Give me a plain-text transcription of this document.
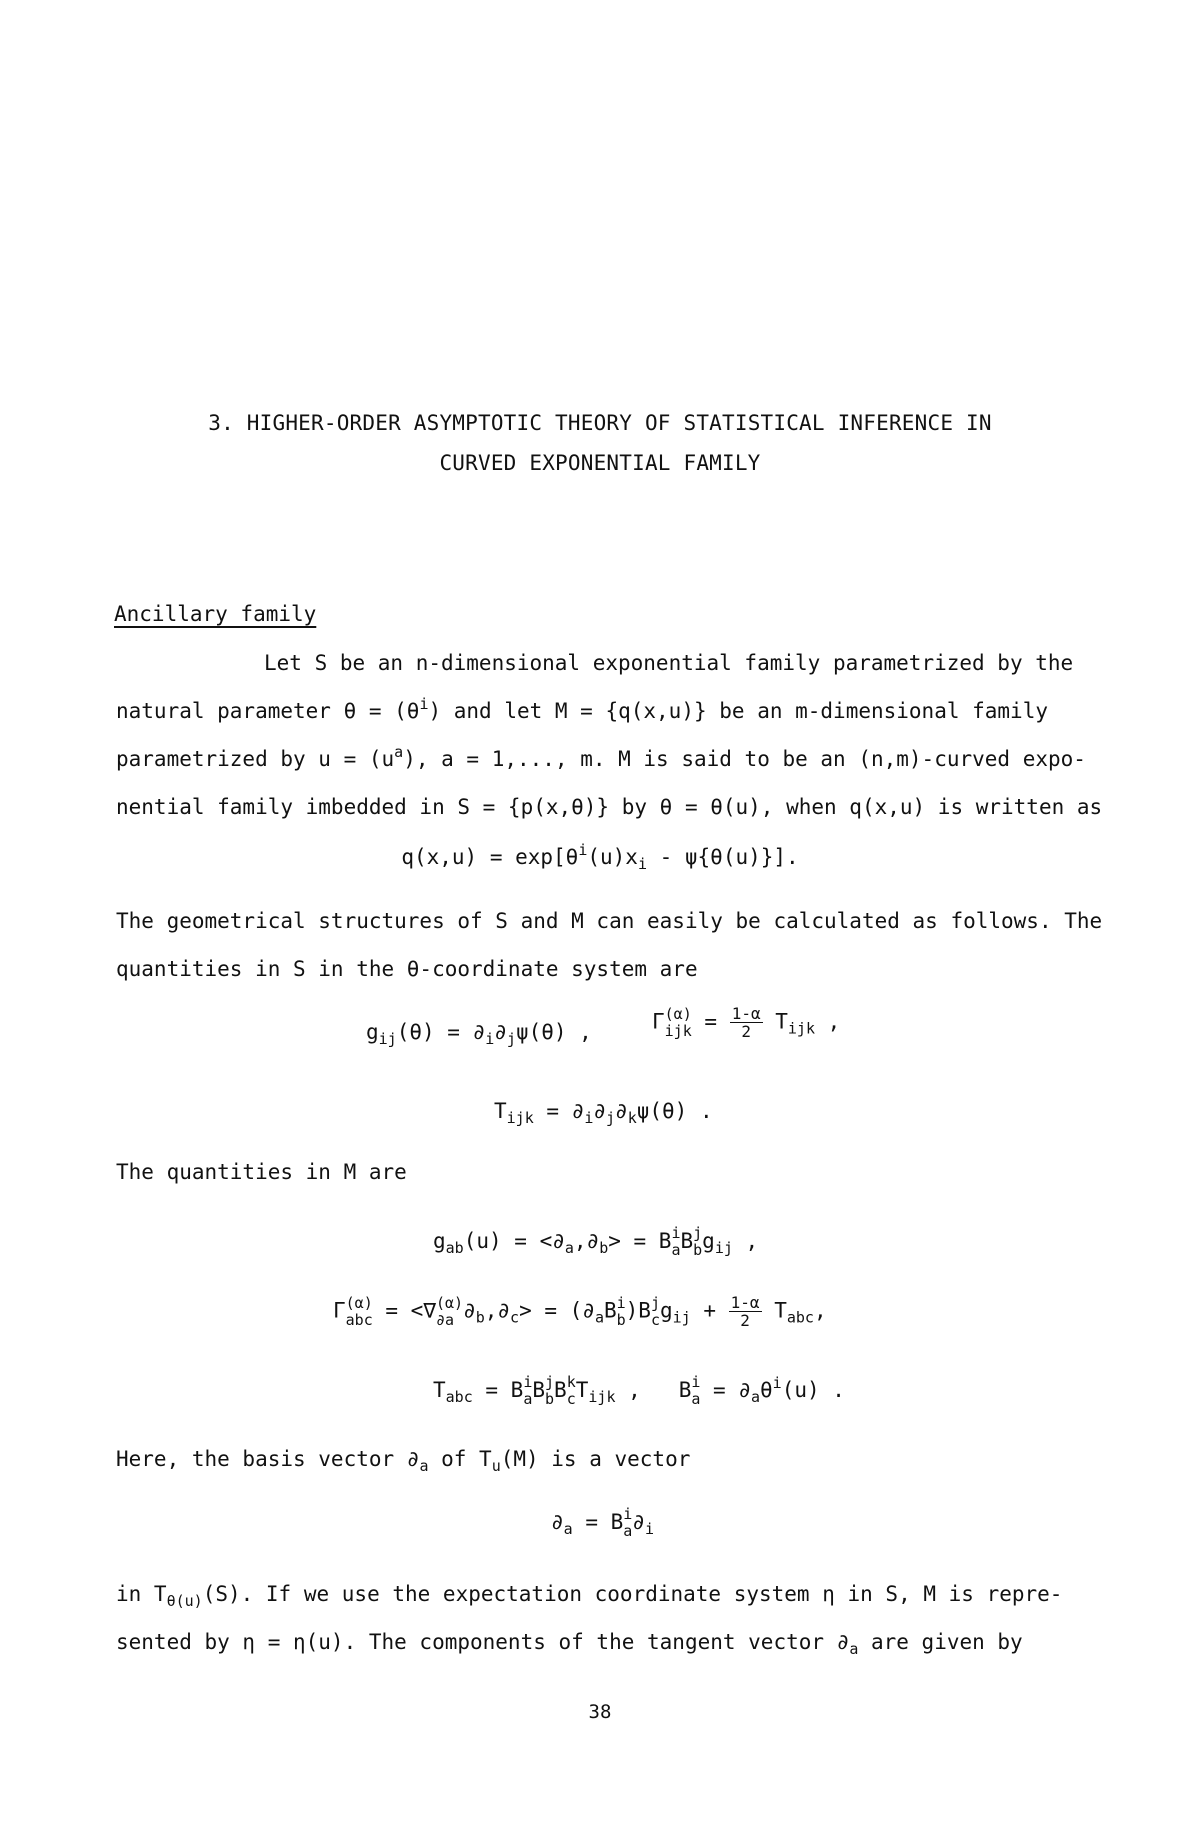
3. HIGHER-ORDER ASYMPTOTIC THEORY OF STATISTICAL INFERENCE IN
CURVED EXPONENTIAL FAMILY
Ancillary family
Let S be an n-dimensional exponential family parametrized by the
natural parameter $\theta = (\theta^i)$ and let M = {q(x,u)} be an m-dimensional family
parametrized by $u = (u^a)$, a = 1,..., m. M is said to be an (n,m)-curved expo-
nential family imbedded in S = {p(x,θ)} by θ = θ(u), when q(x,u) is written as
$q(x,u) = \exp[\theta^i(u)x_i - \psi\{\theta(u)\}]$.
The geometrical structures of S and M can easily be calculated as follows. The
quantities in S in the θ-coordinate system are
$g_{ij}(\theta) = \partial_i\partial_j\psi(\theta)$ ,	Γ (α)
ijk = $\frac{1-\alpha}{2} T_{ijk}$ ,
$T_{ijk} = \partial_i\partial_j\partial_k\psi(\theta)$ .
The quantities in M are
$g_{ab}(u) = <\partial_a,\partial_b> = B$ i
a B j
b $g_{ij}$ ,
Γ (α)
abc = <∇ (α)
∂a $\partial_b,\partial_c> = (\partial_aB$ i
b )B j
c $g_{ij} + \frac{1-\alpha}{2} T_{abc}$,
$T_{abc} = B$ i
a B j
b B k
c $T_{ijk}$ ,   B i
$a = \partial_a\theta^i(u)$ .
Here, the basis vector $\partial_a$ of $T_u(M)$ is a vector
$\partial_a = B$ i
a $\partial_i$
in $T_{\theta(u)}(S)$. If we use the expectation coordinate system η in S, M is repre-
sented by η = η(u). The components of the tangent vector $\partial_a$ are given by
38
